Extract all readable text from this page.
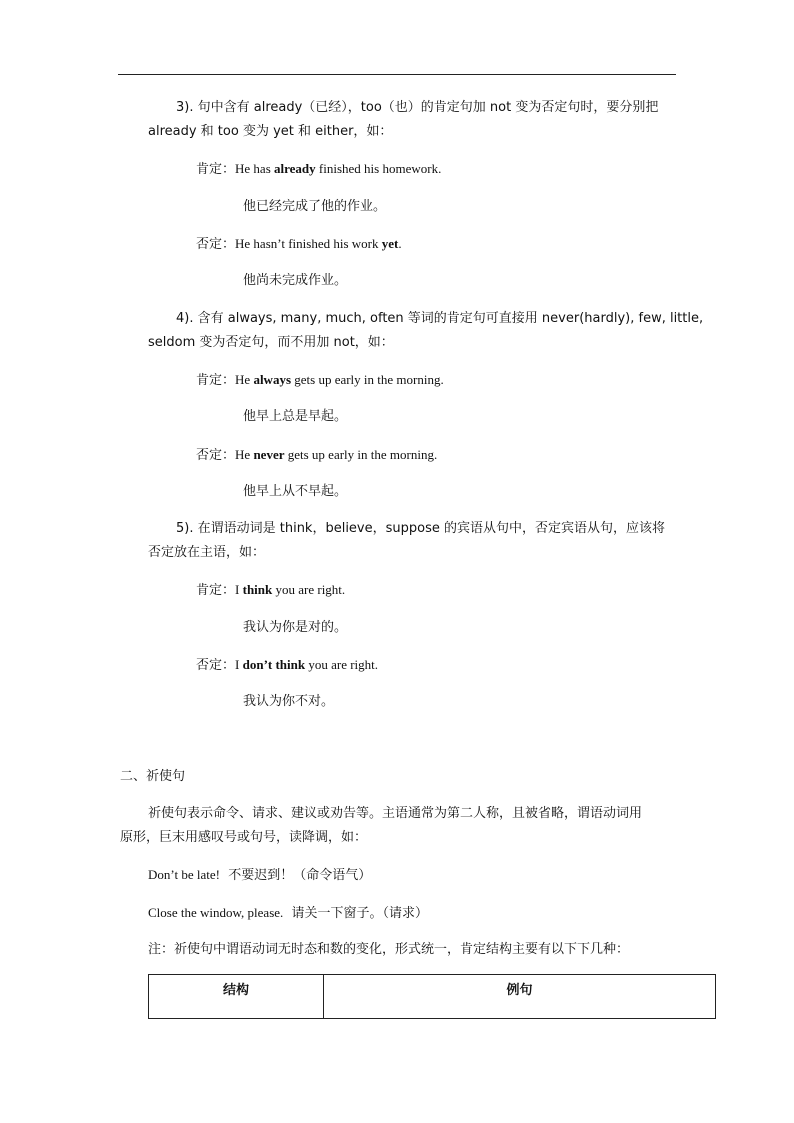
3). 句中含有 already（已经），too（也）的肯定句加 not 变为否定句时，要分别把
already 和 too 变为 yet 和 either，如：
肯定：He has already finished his homework.
他已经完成了他的作业。
否定：He hasn’t finished his work yet.
他尚未完成作业。
4). 含有 always, many, much, often 等词的肯定句可直接用 never(hardly), few, little,
seldom 变为否定句，而不用加 not，如：
肯定：He always gets up early in the morning.
他早上总是早起。
否定：He never gets up early in the morning.
他早上从不早起。
5). 在谓语动词是 think，believe，suppose 的宾语从句中，否定宾语从句，应该将
否定放在主语，如：
肯定：I think you are right.
我认为你是对的。
否定：I don’t think you are right.
我认为你不对。
二、祈使句
祈使句表示命令、请求、建议或劝告等。主语通常为第二人称，且被省略，谓语动词用
原形，巨末用感叹号或句号，读降调，如：
Don’t be late!  不要迟到！（命令语气）
Close the window, please.  请关一下窗子。（请求）
注：祈使句中谓语动词无时态和数的变化，形式统一，肯定结构主要有以下下几种：
结构	例句
